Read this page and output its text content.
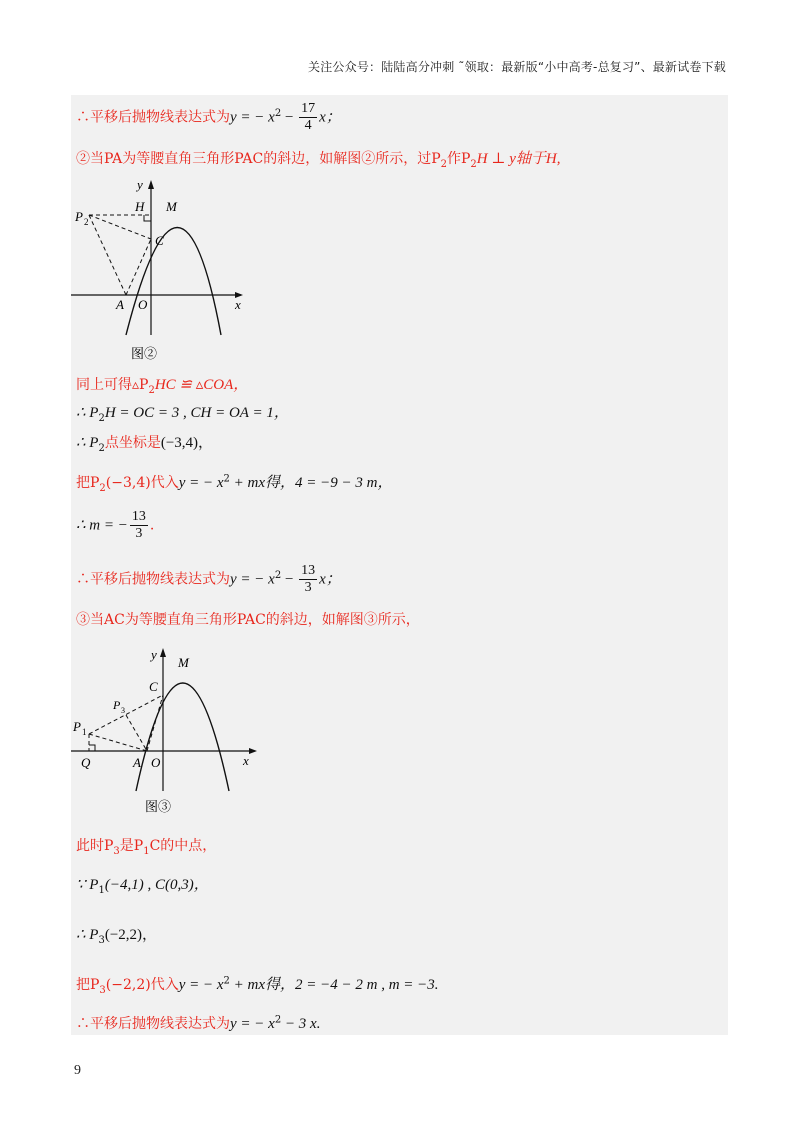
关注公众号：陆陆高分冲刺 ˜领取：最新版“小中高考-总复习”、最新试卷下载
∴平移后抛物线表达式为y = − $x^2 - \frac{17}{4}$ x；
②当PA为等腰直角三角形PAC的斜边，如解图②所示，过$P_2$作$P_2H$ ⊥ y轴于H,
y
x
H M
P 2
C
A O
图②
同上可得$▵P_2HC$ ≌ ▵COA，
∴ $P_2H$ = OC = 3 , CH = OA = 1，
∴ $P_2$点坐标是(−3,4)，
把$P_2(-3,4)$代入y = − $x^2$ + mx得，4 = −9 − 3 m，
∴ m = − $\frac{13}{3}$ .
∴平移后抛物线表达式为y = − $x^2 - \frac{13}{3}$ x；
③当AC为等腰直角三角形PAC的斜边，如解图③所示，
y
x
M
C
P 3
P 1
Q	A O
图③
此时$P_3$是$P_1C$的中点，
∵ $P_1(-4,1)$ , C(0,3)，
∴ $P_3(-2,2)$，
把$P_3(-2,2)$代入y = − $x^2$ + mx得，2 = −4 − 2 m , m = −3.
∴平移后抛物线表达式为y = − $x^2 - 3$ x.
9
